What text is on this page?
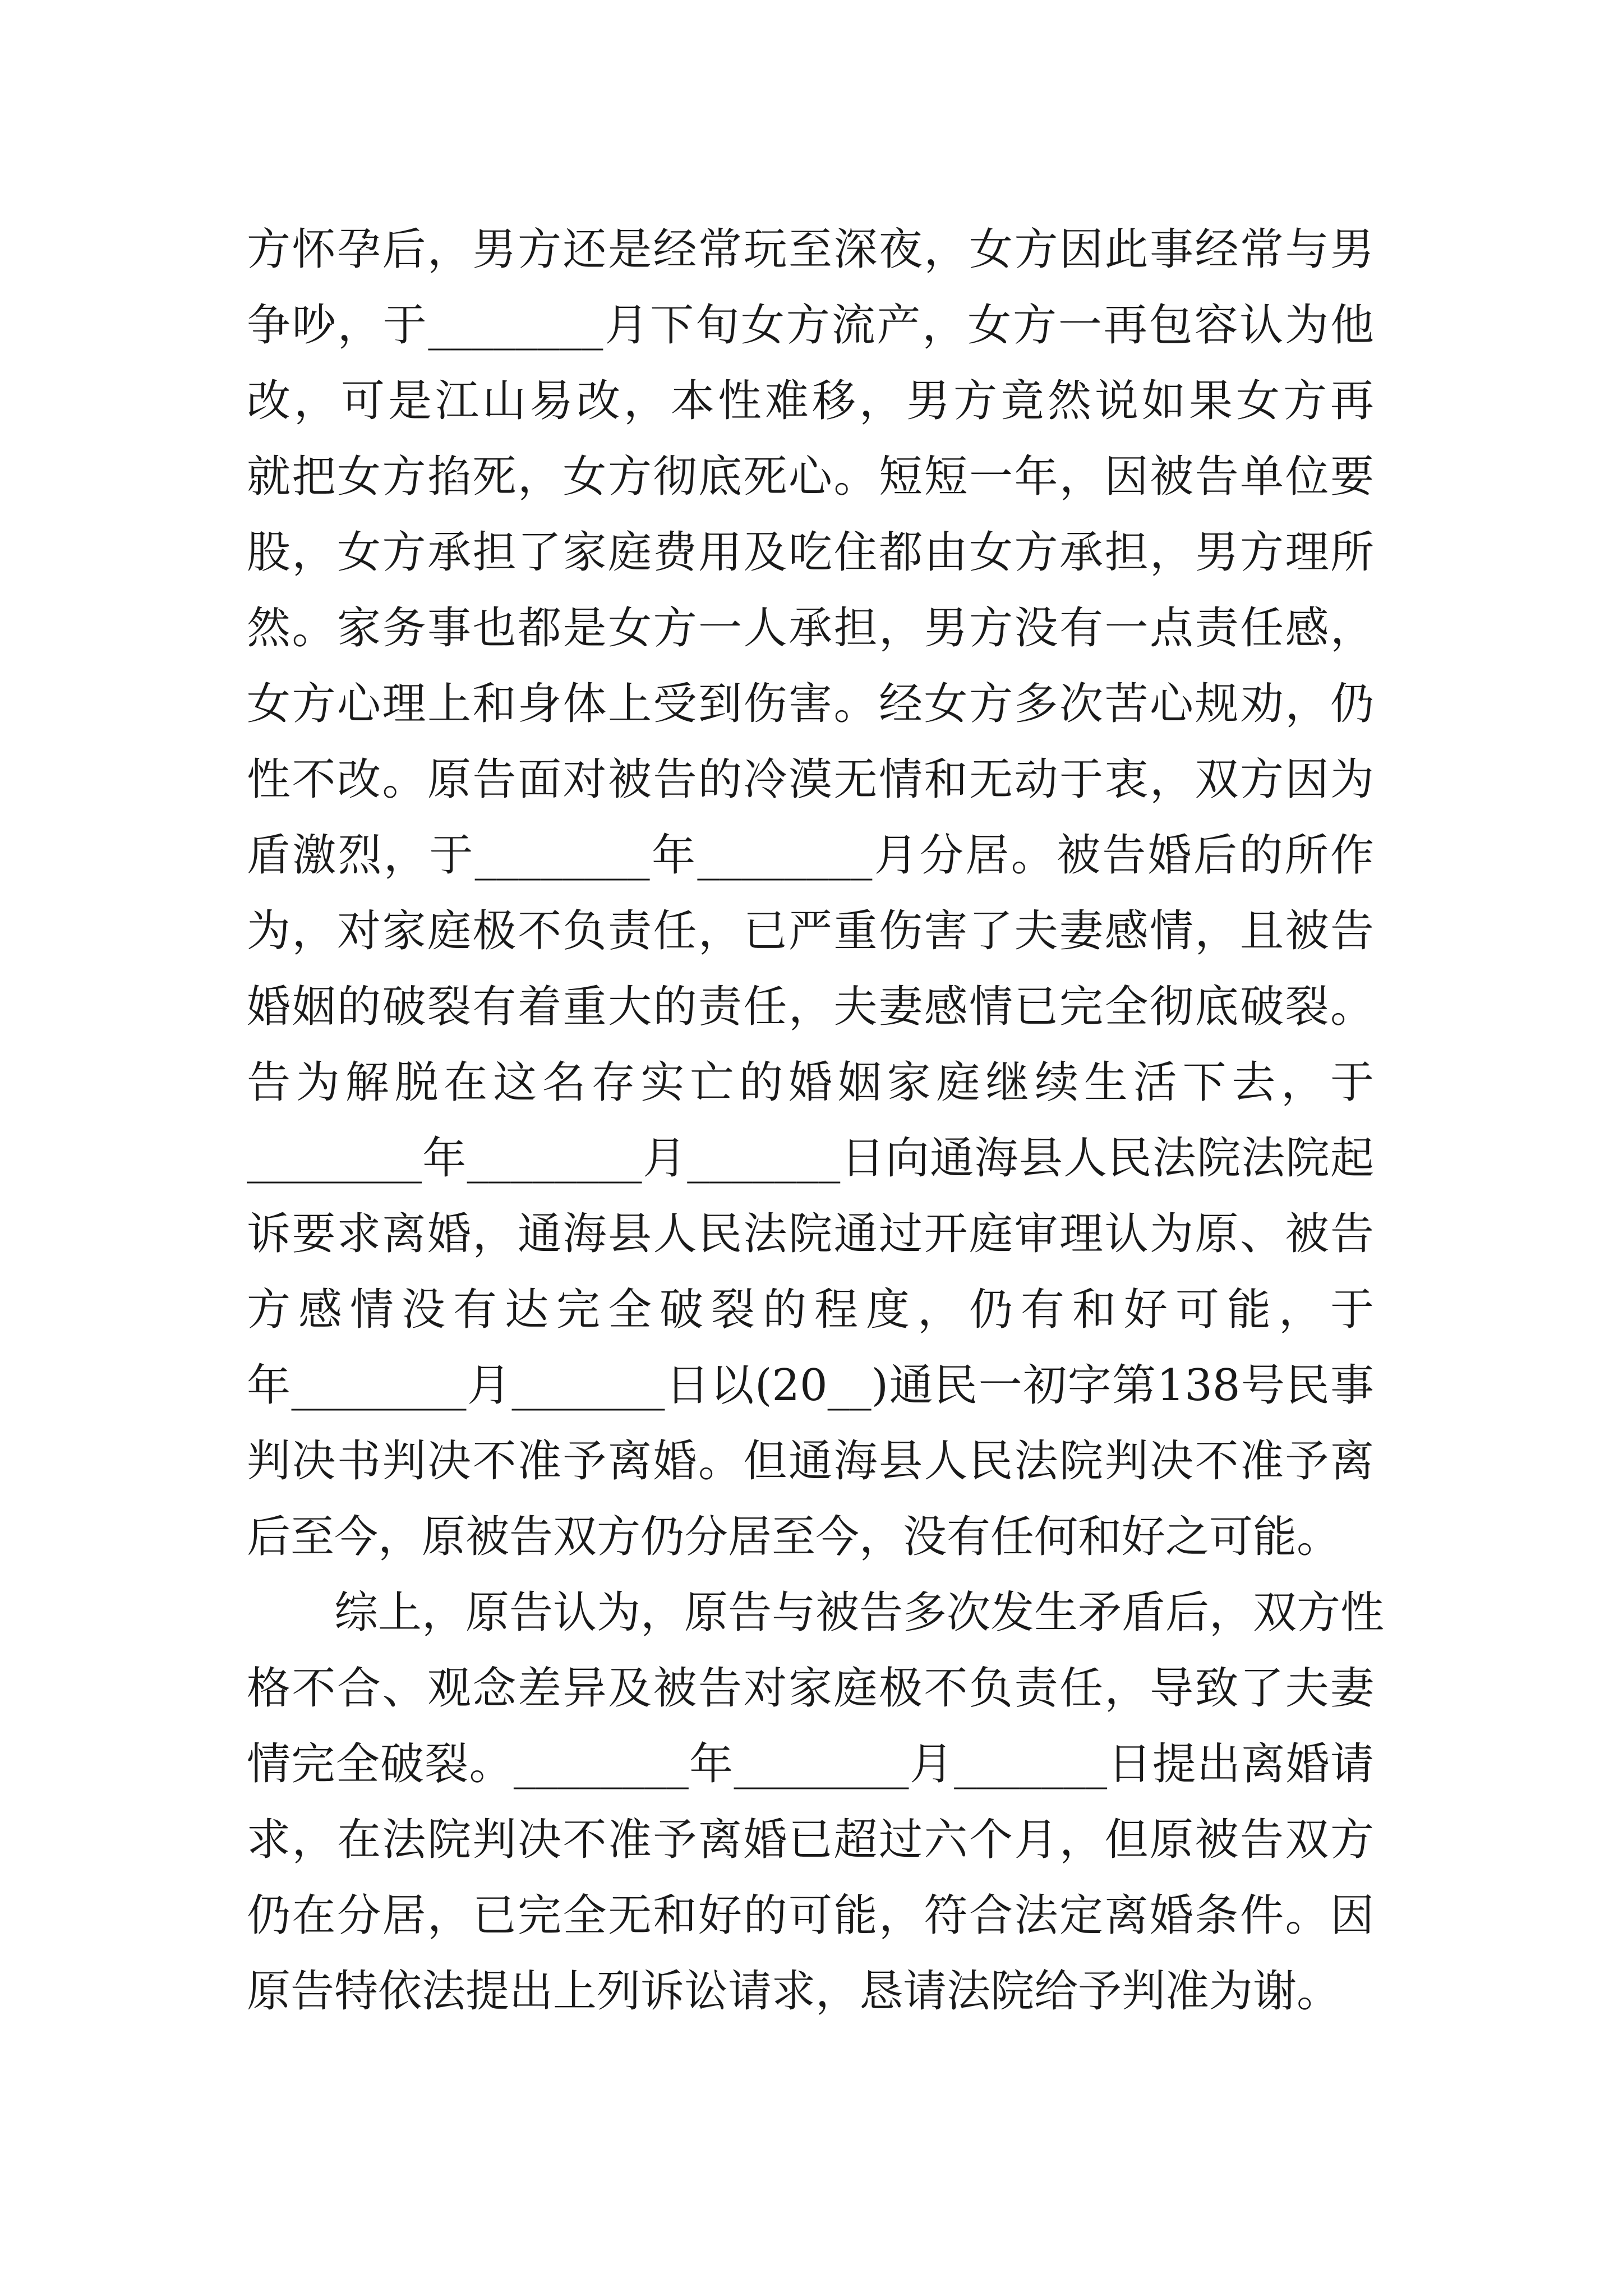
方怀孕后，男方还是经常玩至深夜，女方因此事经常与男
争吵，于________月下旬女方流产，女方一再包容认为他
改，可是江山易改，本性难移，男方竟然说如果女方再
就把女方掐死，女方彻底死心。短短一年，因被告单位要
股，女方承担了家庭费用及吃住都由女方承担，男方理所
然。家务事也都是女方一人承担，男方没有一点责任感，
女方心理上和身体上受到伤害。经女方多次苦心规劝，仍
性不改。原告面对被告的冷漠无情和无动于衷，双方因为
盾激烈，于________年________月分居。被告婚后的所作
为，对家庭极不负责任，已严重伤害了夫妻感情，且被告
婚姻的破裂有着重大的责任，夫妻感情已完全彻底破裂。
告为解脱在这名存实亡的婚姻家庭继续生活下去，于
________年________月_______日向通海县人民法院法院起
诉要求离婚，通海县人民法院通过开庭审理认为原、被告
方感情没有达完全破裂的程度，仍有和好可能，于
年________月_______日以(20__)通民一初字第138号民事
判决书判决不准予离婚。但通海县人民法院判决不准予离
后至今，原被告双方仍分居至今，没有任何和好之可能。
综上，原告认为，原告与被告多次发生矛盾后，双方性
格不合、观念差异及被告对家庭极不负责任，导致了夫妻
情完全破裂。________年________月_______日提出离婚请
求，在法院判决不准予离婚已超过六个月，但原被告双方
仍在分居，已完全无和好的可能，符合法定离婚条件。因
原告特依法提出上列诉讼请求，恳请法院给予判准为谢。
